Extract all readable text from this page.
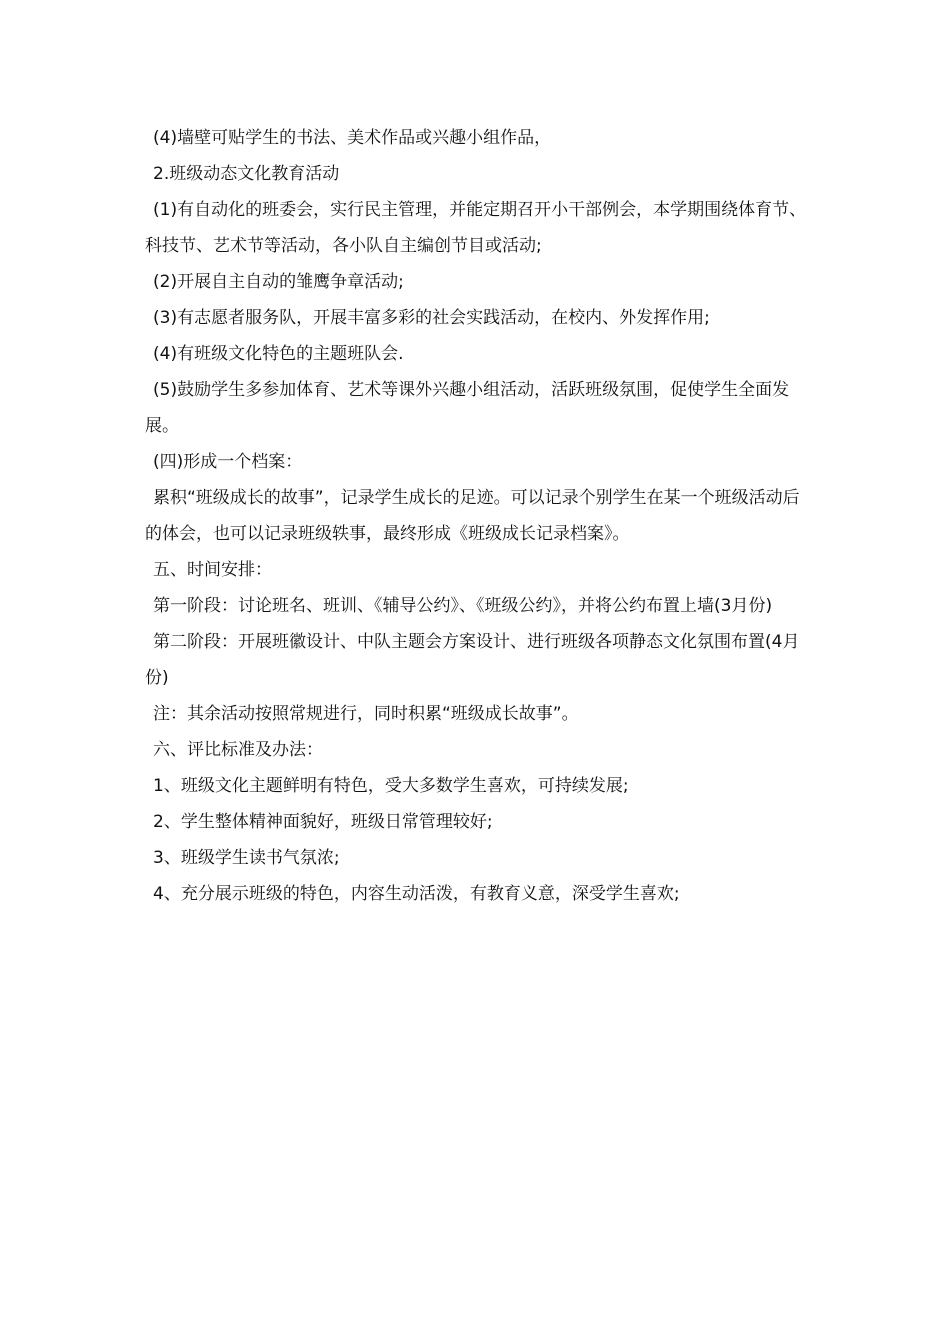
(4)墙壁可贴学生的书法、美术作品或兴趣小组作品，

2.班级动态文化教育活动

(1)有自动化的班委会，实行民主管理，并能定期召开小干部例会，本学期围绕体育节、科技节、艺术节等活动，各小队自主编创节目或活动;

(2)开展自主自动的雏鹰争章活动;

(3)有志愿者服务队，开展丰富多彩的社会实践活动，在校内、外发挥作用;

(4)有班级文化特色的主题班队会.

(5)鼓励学生多参加体育、艺术等课外兴趣小组活动，活跃班级氛围，促使学生全面发展。

(四)形成一个档案：

累积“班级成长的故事”，记录学生成长的足迹。可以记录个别学生在某一个班级活动后的体会，也可以记录班级轶事，最终形成《班级成长记录档案》。

五、时间安排：

第一阶段：讨论班名、班训、《辅导公约》、《班级公约》，并将公约布置上墙(3月份)

第二阶段：开展班徽设计、中队主题会方案设计、进行班级各项静态文化氛围布置(4月份)

注：其余活动按照常规进行，同时积累“班级成长故事”。

六、评比标准及办法：

1、班级文化主题鲜明有特色，受大多数学生喜欢，可持续发展;

2、学生整体精神面貌好，班级日常管理较好;

3、班级学生读书气氛浓;

4、充分展示班级的特色，内容生动活泼，有教育义意，深受学生喜欢;
